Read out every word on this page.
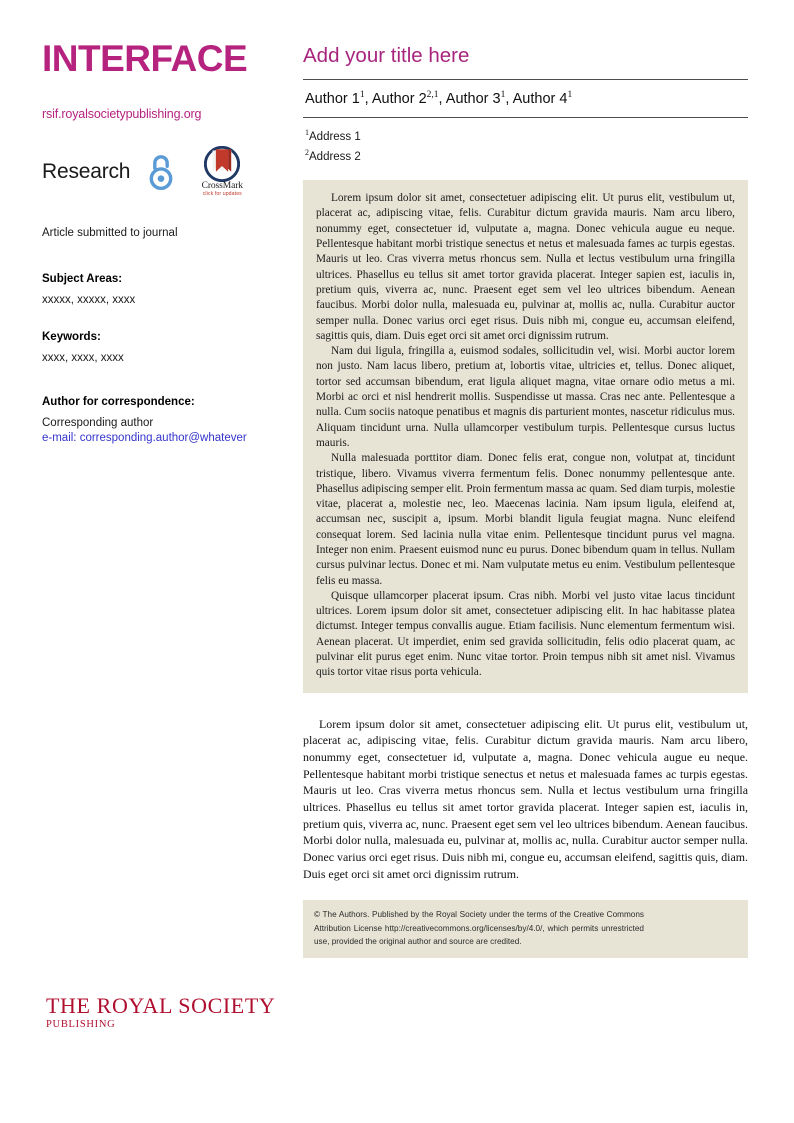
INTERFACE
rsif.royalsocietypublishing.org
Research
CrossMark
click for updates
Article submitted to journal
Subject Areas:
xxxxx, xxxxx, xxxx
Keywords:
xxxx, xxxx, xxxx
Author for correspondence:
Corresponding author
e-mail: corresponding.author@whatever
THE ROYAL SOCIETY
PUBLISHING
Add your title here
Author $1^1$, Author 2$^{2,1}$, Author $3^1$, Author $4^1$
$^1$Address 1
$^2$Address 2

Lorem ipsum dolor sit amet, consectetuer adipiscing elit. Ut purus elit, vestibulum ut, placerat ac, adipiscing vitae, felis. Curabitur dictum gravida mauris. Nam arcu libero, nonummy eget, consectetuer id, vulputate a, magna. Donec vehicula augue eu neque. Pellentesque habitant morbi tristique senectus et netus et malesuada fames ac turpis egestas. Mauris ut leo. Cras viverra metus rhoncus sem. Nulla et lectus vestibulum urna fringilla ultrices. Phasellus eu tellus sit amet tortor gravida placerat. Integer sapien est, iaculis in, pretium quis, viverra ac, nunc. Praesent eget sem vel leo ultrices bibendum. Aenean faucibus. Morbi dolor nulla, malesuada eu, pulvinar at, mollis ac, nulla. Curabitur auctor semper nulla. Donec varius orci eget risus. Duis nibh mi, congue eu, accumsan eleifend, sagittis quis, diam. Duis eget orci sit amet orci dignissim rutrum.

Nam dui ligula, fringilla a, euismod sodales, sollicitudin vel, wisi. Morbi auctor lorem non justo. Nam lacus libero, pretium at, lobortis vitae, ultricies et, tellus. Donec aliquet, tortor sed accumsan bibendum, erat ligula aliquet magna, vitae ornare odio metus a mi. Morbi ac orci et nisl hendrerit mollis. Suspendisse ut massa. Cras nec ante. Pellentesque a nulla. Cum sociis natoque penatibus et magnis dis parturient montes, nascetur ridiculus mus. Aliquam tincidunt urna. Nulla ullamcorper vestibulum turpis. Pellentesque cursus luctus mauris.

Nulla malesuada porttitor diam. Donec felis erat, congue non, volutpat at, tincidunt tristique, libero. Vivamus viverra fermentum felis. Donec nonummy pellentesque ante. Phasellus adipiscing semper elit. Proin fermentum massa ac quam. Sed diam turpis, molestie vitae, placerat a, molestie nec, leo. Maecenas lacinia. Nam ipsum ligula, eleifend at, accumsan nec, suscipit a, ipsum. Morbi blandit ligula feugiat magna. Nunc eleifend consequat lorem. Sed lacinia nulla vitae enim. Pellentesque tincidunt purus vel magna. Integer non enim. Praesent euismod nunc eu purus. Donec bibendum quam in tellus. Nullam cursus pulvinar lectus. Donec et mi. Nam vulputate metus eu enim. Vestibulum pellentesque felis eu massa.

Quisque ullamcorper placerat ipsum. Cras nibh. Morbi vel justo vitae lacus tincidunt ultrices. Lorem ipsum dolor sit amet, consectetuer adipiscing elit. In hac habitasse platea dictumst. Integer tempus convallis augue. Etiam facilisis. Nunc elementum fermentum wisi. Aenean placerat. Ut imperdiet, enim sed gravida sollicitudin, felis odio placerat quam, ac pulvinar elit purus eget enim. Nunc vitae tortor. Proin tempus nibh sit amet nisl. Vivamus quis tortor vitae risus porta vehicula.

Lorem ipsum dolor sit amet, consectetuer adipiscing elit. Ut purus elit, vestibulum ut, placerat ac, adipiscing vitae, felis. Curabitur dictum gravida mauris. Nam arcu libero, nonummy eget, consectetuer id, vulputate a, magna. Donec vehicula augue eu neque. Pellentesque habitant morbi tristique senectus et netus et malesuada fames ac turpis egestas. Mauris ut leo. Cras viverra metus rhoncus sem. Nulla et lectus vestibulum urna fringilla ultrices. Phasellus eu tellus sit amet tortor gravida placerat. Integer sapien est, iaculis in, pretium quis, viverra ac, nunc. Praesent eget sem vel leo ultrices bibendum. Aenean faucibus. Morbi dolor nulla, malesuada eu, pulvinar at, mollis ac, nulla. Curabitur auctor semper nulla. Donec varius orci eget risus. Duis nibh mi, congue eu, accumsan eleifend, sagittis quis, diam. Duis eget orci sit amet orci dignissim rutrum.

© The Authors. Published by the Royal Society under the terms of the Creative Commons Attribution License http://creativecommons.org/licenses/by/4.0/, which permits unrestricted use, provided the original author and source are credited.
